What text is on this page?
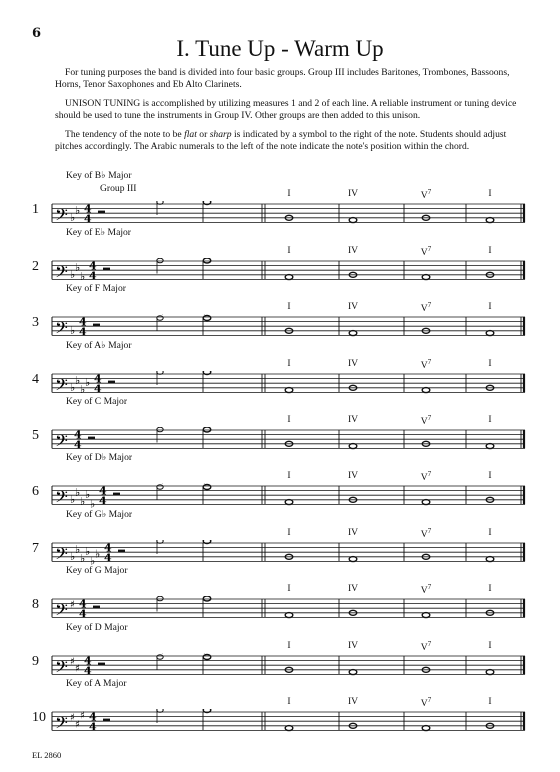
6
I. Tune Up - Warm Up

For tuning purposes the band is divided into four basic groups. Group III includes Baritones, Trombones, Bassoons, Horns, Tenor Saxophones and Eb Alto Clarinets.

UNISON TUNING is accomplished by utilizing measures 1 and 2 of each line. A reliable instrument or tuning device should be used to tune the instruments in Group IV. Other groups are then added to this unison.

The tendency of the note to be flat or sharp is indicated by a symbol to the right of the note. Students should adjust pitches accordingly. The Arabic numerals to the left of the note indicate the note's position within the chord.

Key of B♭ Major
Group III
1
I	IV	$V^7$	I
𝄢 ♭
♭ 4
4
Key of E♭ Major
2
I	IV	$V^7$	I
𝄢 ♭
♭
♭
4
4
Key of F Major
3
I	IV	$V^7$	I
𝄢 ♭
4
4
Key of A♭ Major
4
I	IV	$V^7$	I
𝄢 ♭
♭
♭
♭ 4
4
Key of C Major
5
I	IV	$V^7$	I
𝄢 4
4
Key of D♭ Major
6
I	IV	$V^7$	I
𝄢 ♭
♭
♭
♭
♭
4
4
Key of G♭ Major
7
I	IV	$V^7$	I
𝄢 ♭
♭
♭
♭
♭
♭ 4
4
Key of G Major
8
I	IV	$V^7$	I
𝄢 ♯ 4
4
Key of D Major
9
I	IV	$V^7$	I
𝄢 ♯
♯
4
4
Key of A Major
10
I	IV	$V^7$	I
𝄢 ♯
♯
♯ 4
4
EL 2860
